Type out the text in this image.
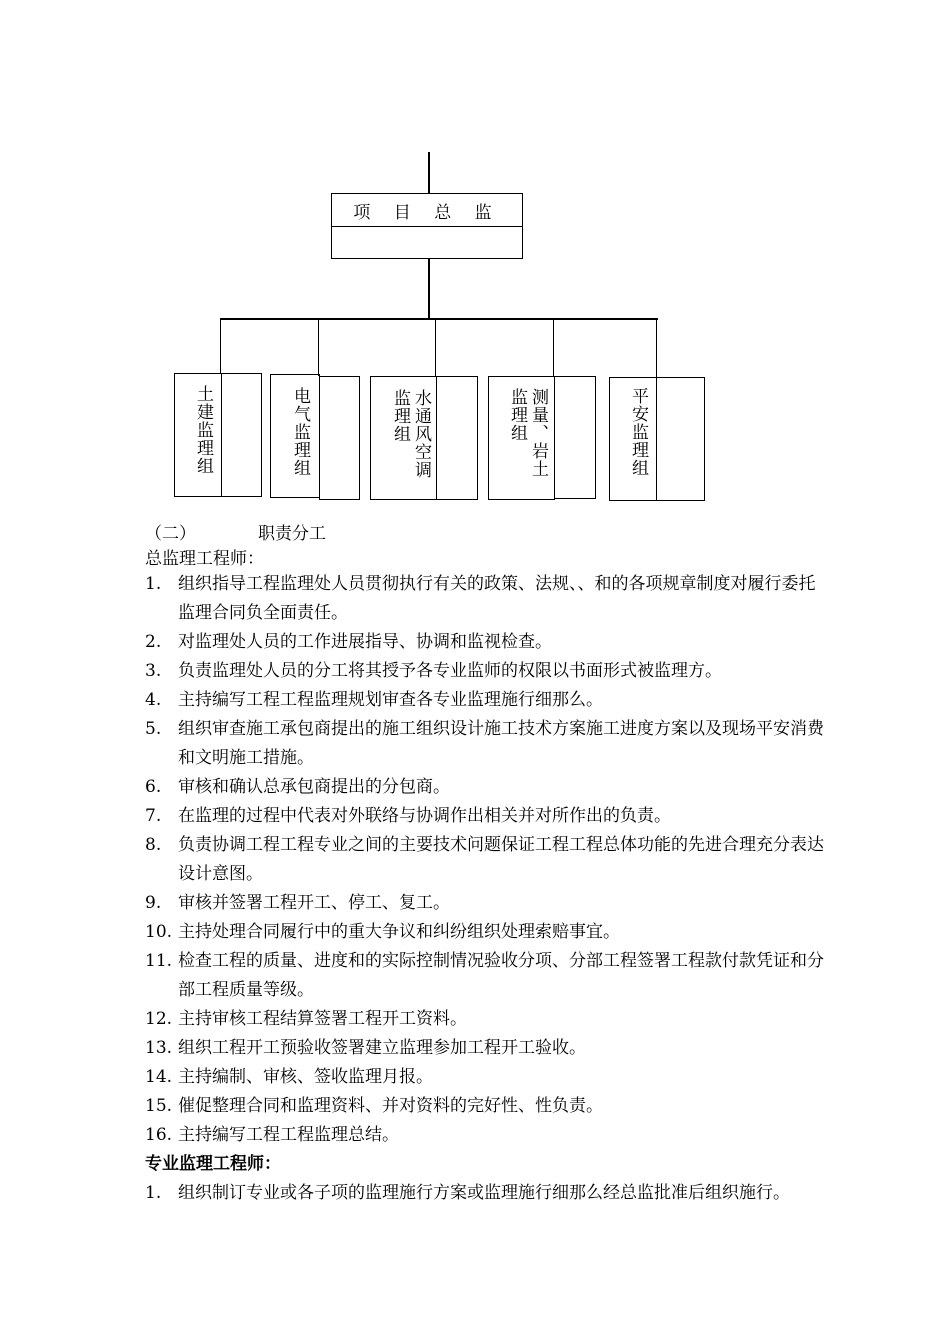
项 目 总 监
土建监理组	电气监理组	监理组 水通风空调	监理组 测量、岩土	平安监理组
（二）	职责分工
总监理工程师：
1. 组织指导工程监理处人员贯彻执行有关的政策、法规、、和的各项规章制度对履行委托监理合同负全面责任。
2. 对监理处人员的工作进展指导、协调和监视检查。
3. 负责监理处人员的分工将其授予各专业监师的权限以书面形式被监理方。
4. 主持编写工程工程监理规划审查各专业监理施行细那么。
5. 组织审查施工承包商提出的施工组织设计施工技术方案施工进度方案以及现场平安消费和文明施工措施。
6. 审核和确认总承包商提出的分包商。
7. 在监理的过程中代表对外联络与协调作出相关并对所作出的负责。
8. 负责协调工程工程专业之间的主要技术问题保证工程工程总体功能的先进合理充分表达设计意图。
9. 审核并签署工程开工、停工、复工。
10. 主持处理合同履行中的重大争议和纠纷组织处理索赔事宜。
11. 检查工程的质量、进度和的实际控制情况验收分项、分部工程签署工程款付款凭证和分部工程质量等级。
12. 主持审核工程结算签署工程开工资料。
13. 组织工程开工预验收签署建立监理参加工程开工验收。
14. 主持编制、审核、签收监理月报。
15. 催促整理合同和监理资料、并对资料的完好性、性负责。
16. 主持编写工程工程监理总结。
专业监理工程师：
1. 组织制订专业或各子项的监理施行方案或监理施行细那么经总监批准后组织施行。
